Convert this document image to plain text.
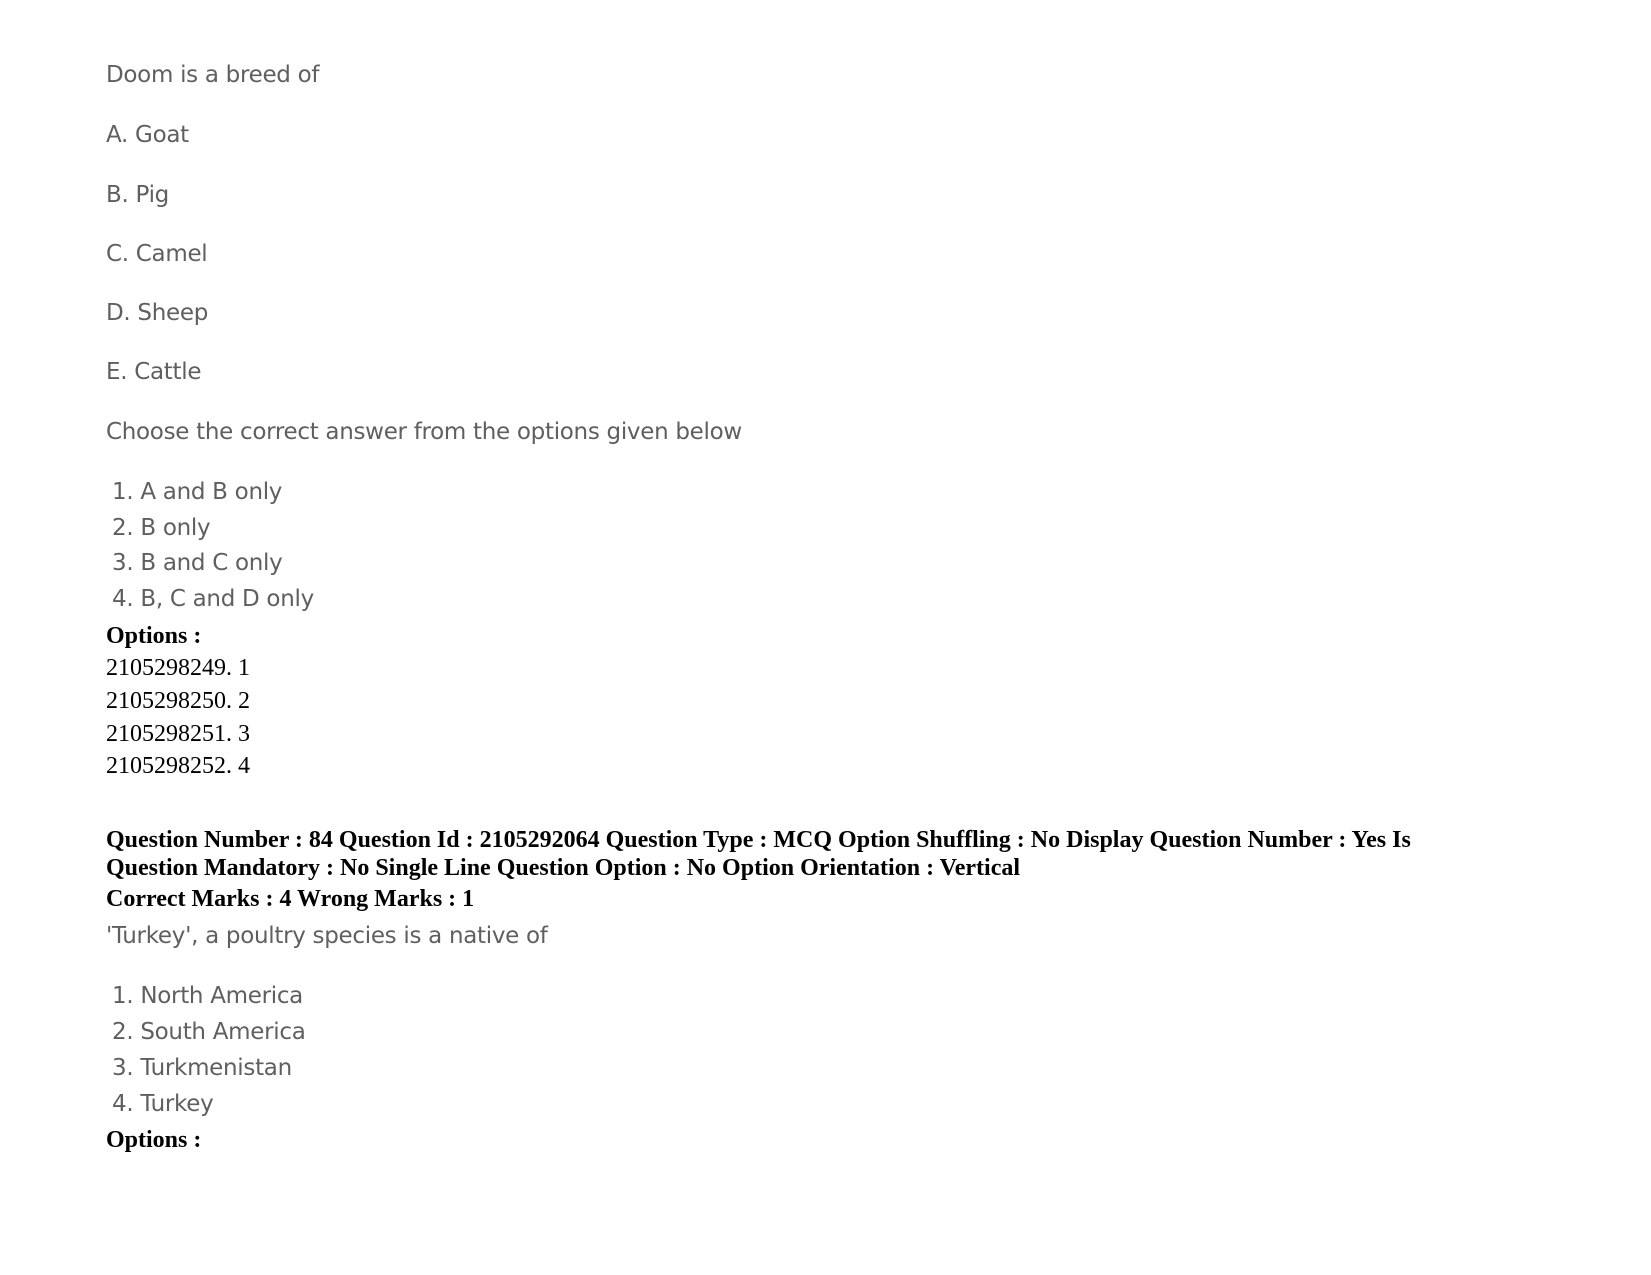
Doom is a breed of
A. Goat
B. Pig
C. Camel
D. Sheep
E. Cattle
Choose the correct answer from the options given below
1. A and B only
2. B only
3. B and C only
4. B, C and D only
Options :
2105298249. 1
2105298250. 2
2105298251. 3
2105298252. 4
Question Number : 84 Question Id : 2105292064 Question Type : MCQ Option Shuffling : No Display Question Number : Yes Is
Question Mandatory : No Single Line Question Option : No Option Orientation : Vertical
Correct Marks : 4 Wrong Marks : 1
'Turkey', a poultry species is a native of
1. North America
2. South America
3. Turkmenistan
4. Turkey
Options :
